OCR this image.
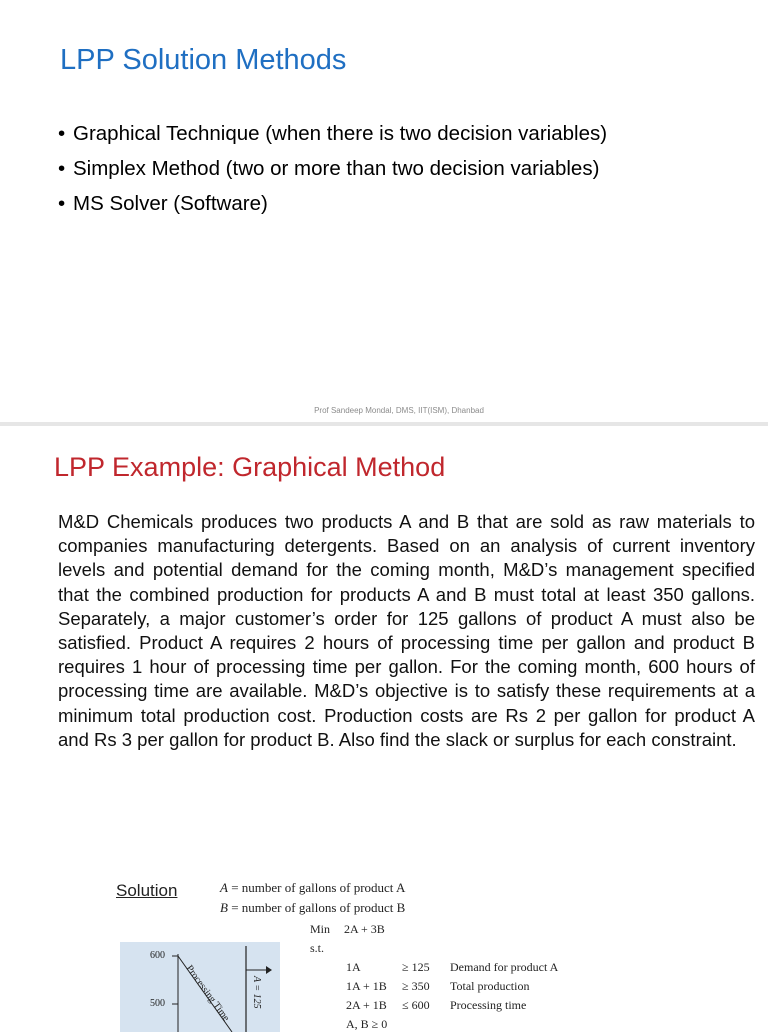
LPP Solution Methods
• Graphical Technique (when there is two decision variables)
• Simplex Method (two or more than two decision variables)
• MS Solver (Software)
Prof Sandeep Mondal, DMS, IIT(ISM), Dhanbad
LPP Example: Graphical Method

M&D Chemicals produces two products A and B that are sold as raw materials to companies manufacturing detergents. Based on an analysis of current inventory levels and potential demand for the coming month, M&D’s management specified that the combined production for products A and B must total at least 350 gallons. Separately, a major customer’s order for 125 gallons of product A must also be satisfied. Product A requires 2 hours of processing time per gallon and product B requires 1 hour of processing time per gallon. For the coming month, 600 hours of processing time are available. M&D’s objective is to satisfy these requirements at a minimum total production cost. Production costs are Rs 2 per gallon for product A and Rs 3 per gallon for product B. Also find the slack or surplus for each constraint.

Solution	A = number of gallons of product A
B = number of gallons of product B
Min 2A + 3B
s.t.
1A	≥ 125 Demand for product A
1A + 1B ≥ 350 Total production
2A + 1B ≤ 600 Processing time
A, B ≥ 0
Processing Time A = 125
600
500
